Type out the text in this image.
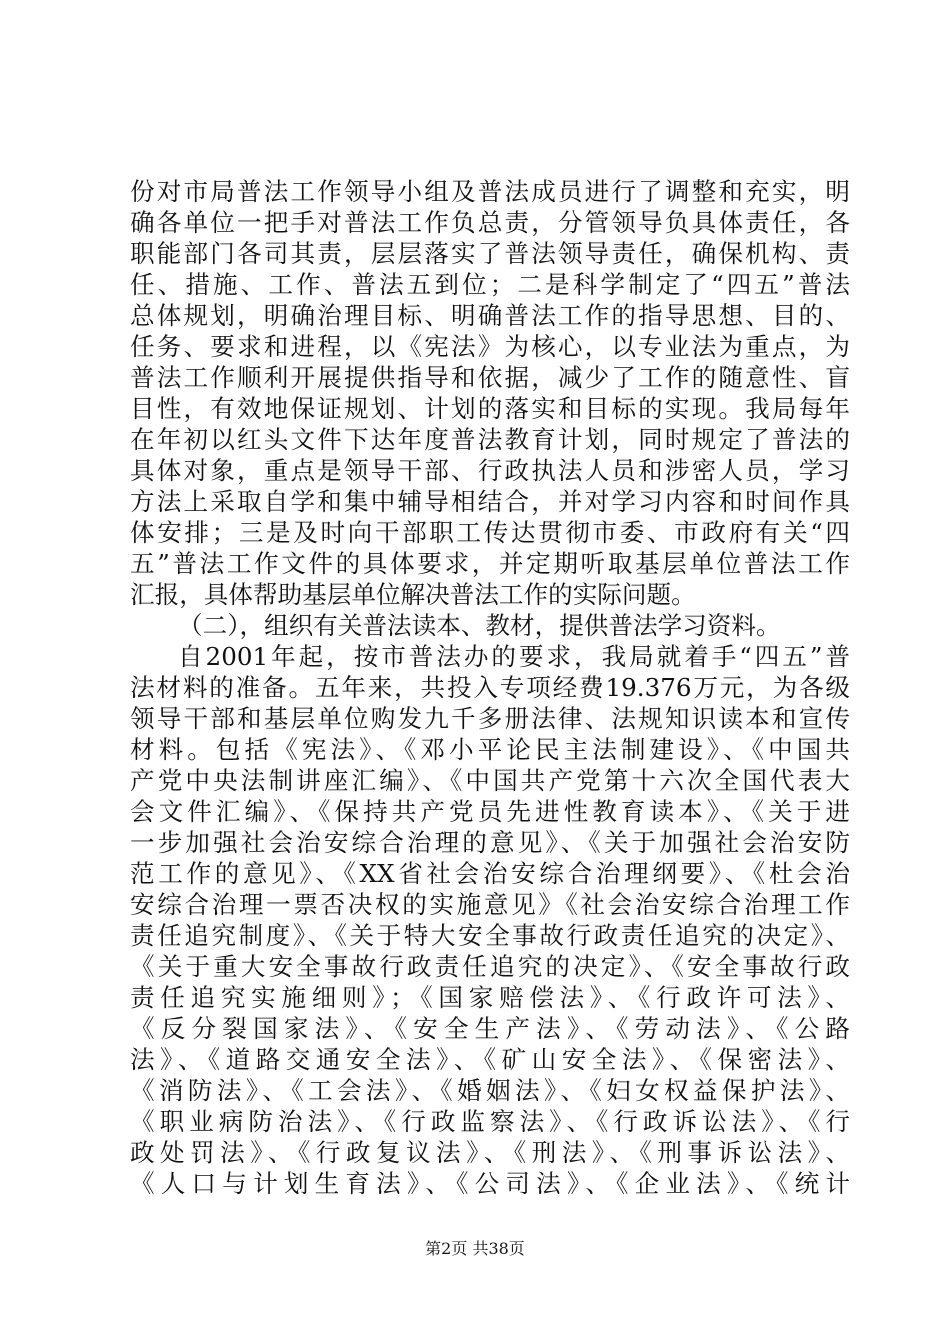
份对市局普法工作领导小组及普法成员进行了调整和充实，明
确各单位一把手对普法工作负总责，分管领导负具体责任，各
职能部门各司其责，层层落实了普法领导责任，确保机构、责
任、措施、工作、普法五到位；二是科学制定了“四五”普法
总体规划，明确治理目标、明确普法工作的指导思想、目的、
任务、要求和进程，以《宪法》为核心，以专业法为重点，为
普法工作顺利开展提供指导和依据，减少了工作的随意性、盲
目性，有效地保证规划、计划的落实和目标的实现。我局每年
在年初以红头文件下达年度普法教育计划，同时规定了普法的
具体对象，重点是领导干部、行政执法人员和涉密人员，学习
方法上采取自学和集中辅导相结合，并对学习内容和时间作具
体安排；三是及时向干部职工传达贯彻市委、市政府有关“四
五”普法工作文件的具体要求，并定期听取基层单位普法工作
汇报，具体帮助基层单位解决普法工作的实际问题。
（二），组织有关普法读本、教材，提供普法学习资料。
自2001年起，按市普法办的要求，我局就着手“四五”普
法材料的准备。五年来，共投入专项经费19.376万元，为各级
领导干部和基层单位购发九千多册法律、法规知识读本和宣传
材料。包括《宪法》、《邓小平论民主法制建设》、《中国共
产党中央法制讲座汇编》、《中国共产党第十六次全国代表大
会文件汇编》、《保持共产党员先进性教育读本》、《关于进
一步加强社会治安综合治理的意见》、《关于加强社会治安防
范工作的意见》、《XX省社会治安综合治理纲要》、《杜会治
安综合治理一票否决权的实施意见》《社会治安综合治理工作
责任追究制度》、《关于特大安全事故行政责任追究的决定》、
《关于重大安全事故行政责任追究的决定》、《安全事故行政
责任追究实施细则》；《国家赔偿法》、《行政许可法》、
《反分裂国家法》、《安全生产法》、《劳动法》、《公路
法》、《道路交通安全法》、《矿山安全法》、《保密法》、
《消防法》、《工会法》、《婚姻法》、《妇女权益保护法》、
《职业病防治法》、《行政监察法》、《行政诉讼法》、《行
政处罚法》、《行政复议法》、《刑法》、《刑事诉讼法》、
《人口与计划生育法》、《公司法》、《企业法》、《统计
第2页 共38页
